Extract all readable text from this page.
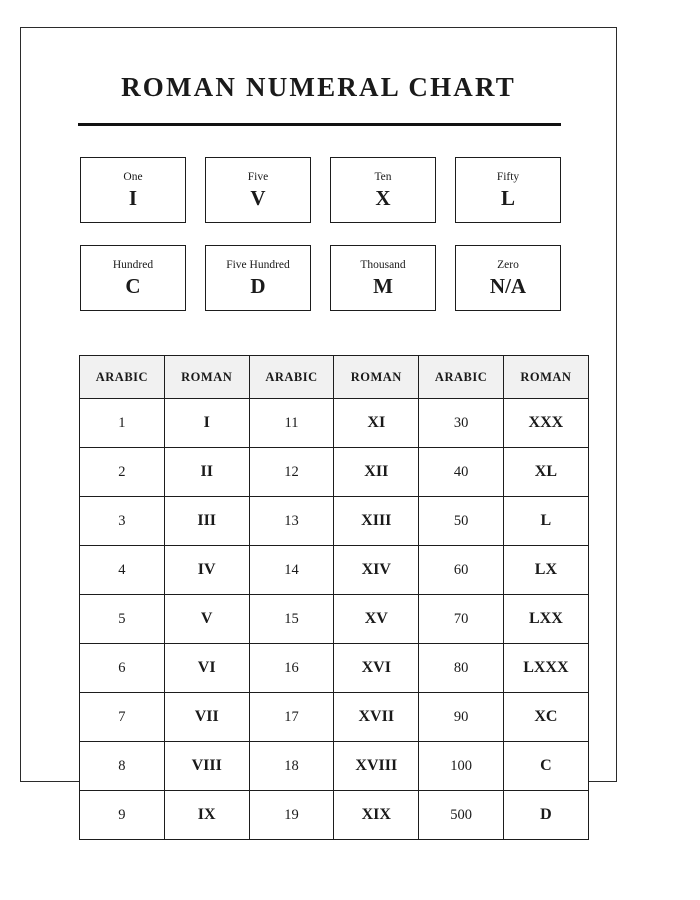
ROMAN NUMERAL CHART
One
I
Five
V
Ten
X
Fifty
L
Hundred
C
Five Hundred
D
Thousand
M
Zero
N/A
ARABIC	ROMAN	ARABIC	ROMAN	ARABIC	ROMAN
1	I	11	XI	30	XXX
2	II	12	XII	40	XL
3	III	13	XIII	50	L
4	IV	14	XIV	60	LX
5	V	15	XV	70	LXX
6	VI	16	XVI	80	LXXX
7	VII	17	XVII	90	XC
8	VIII	18	XVIII	100	C
9	IX	19	XIX	500	D
